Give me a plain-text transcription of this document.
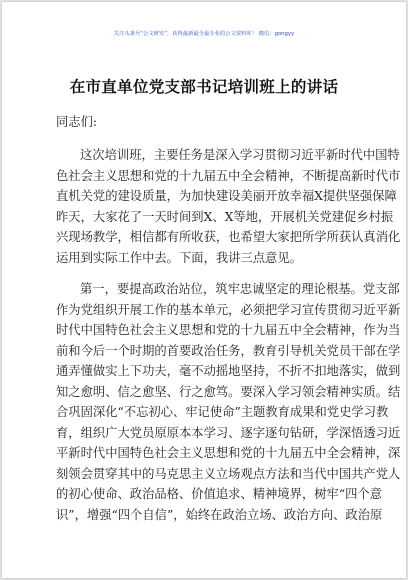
关注头条号“公文研究”，获得最新最全最专业的公文资料库！ 微信：gongyy
在市直单位党支部书记培训班上的讲话
同志们:
这次培训班，主要任务是深入学习贯彻习近平新时代中国特
色社会主义思想和党的十九届五中全会精神，不断提高新时代市
直机关党的建设质量，为加快建设美丽开放幸福X提供坚强保障
昨天，大家花了一天时间到X、X等地，开展机关党建促乡村振
兴现场教学，相信都有所收获，也希望大家把所学所获认真消化
运用到实际工作中去。下面，我讲三点意见。
第一，要提高政治站位，筑牢忠诚坚定的理论根基。党支部
作为党组织开展工作的基本单元，必须把学习宣传贯彻习近平新
时代中国特色社会主义思想和党的十九届五中全会精神，作为当
前和今后一个时期的首要政治任务，教育引导机关党员干部在学
通弄懂做实上下功夫，毫不动摇地坚持，不折不扣地落实，做到
知之愈明、信之愈坚、行之愈笃。要深入学习领会精神实质。结
合巩固深化“不忘初心、牢记使命”主题教育成果和党史学习教
育，组织广大党员原原本本学习、逐字逐句钻研，学深悟透习近
平新时代中国特色社会主义思想和党的十九届五中全会精神，深
刻领会贯穿其中的马克思主义立场观点方法和当代中国共产党人
的初心使命、政治品格、价值追求、精神境界，树牢“四个意
识”，增强“四个自信”，始终在政治立场、政治方向、政治原
